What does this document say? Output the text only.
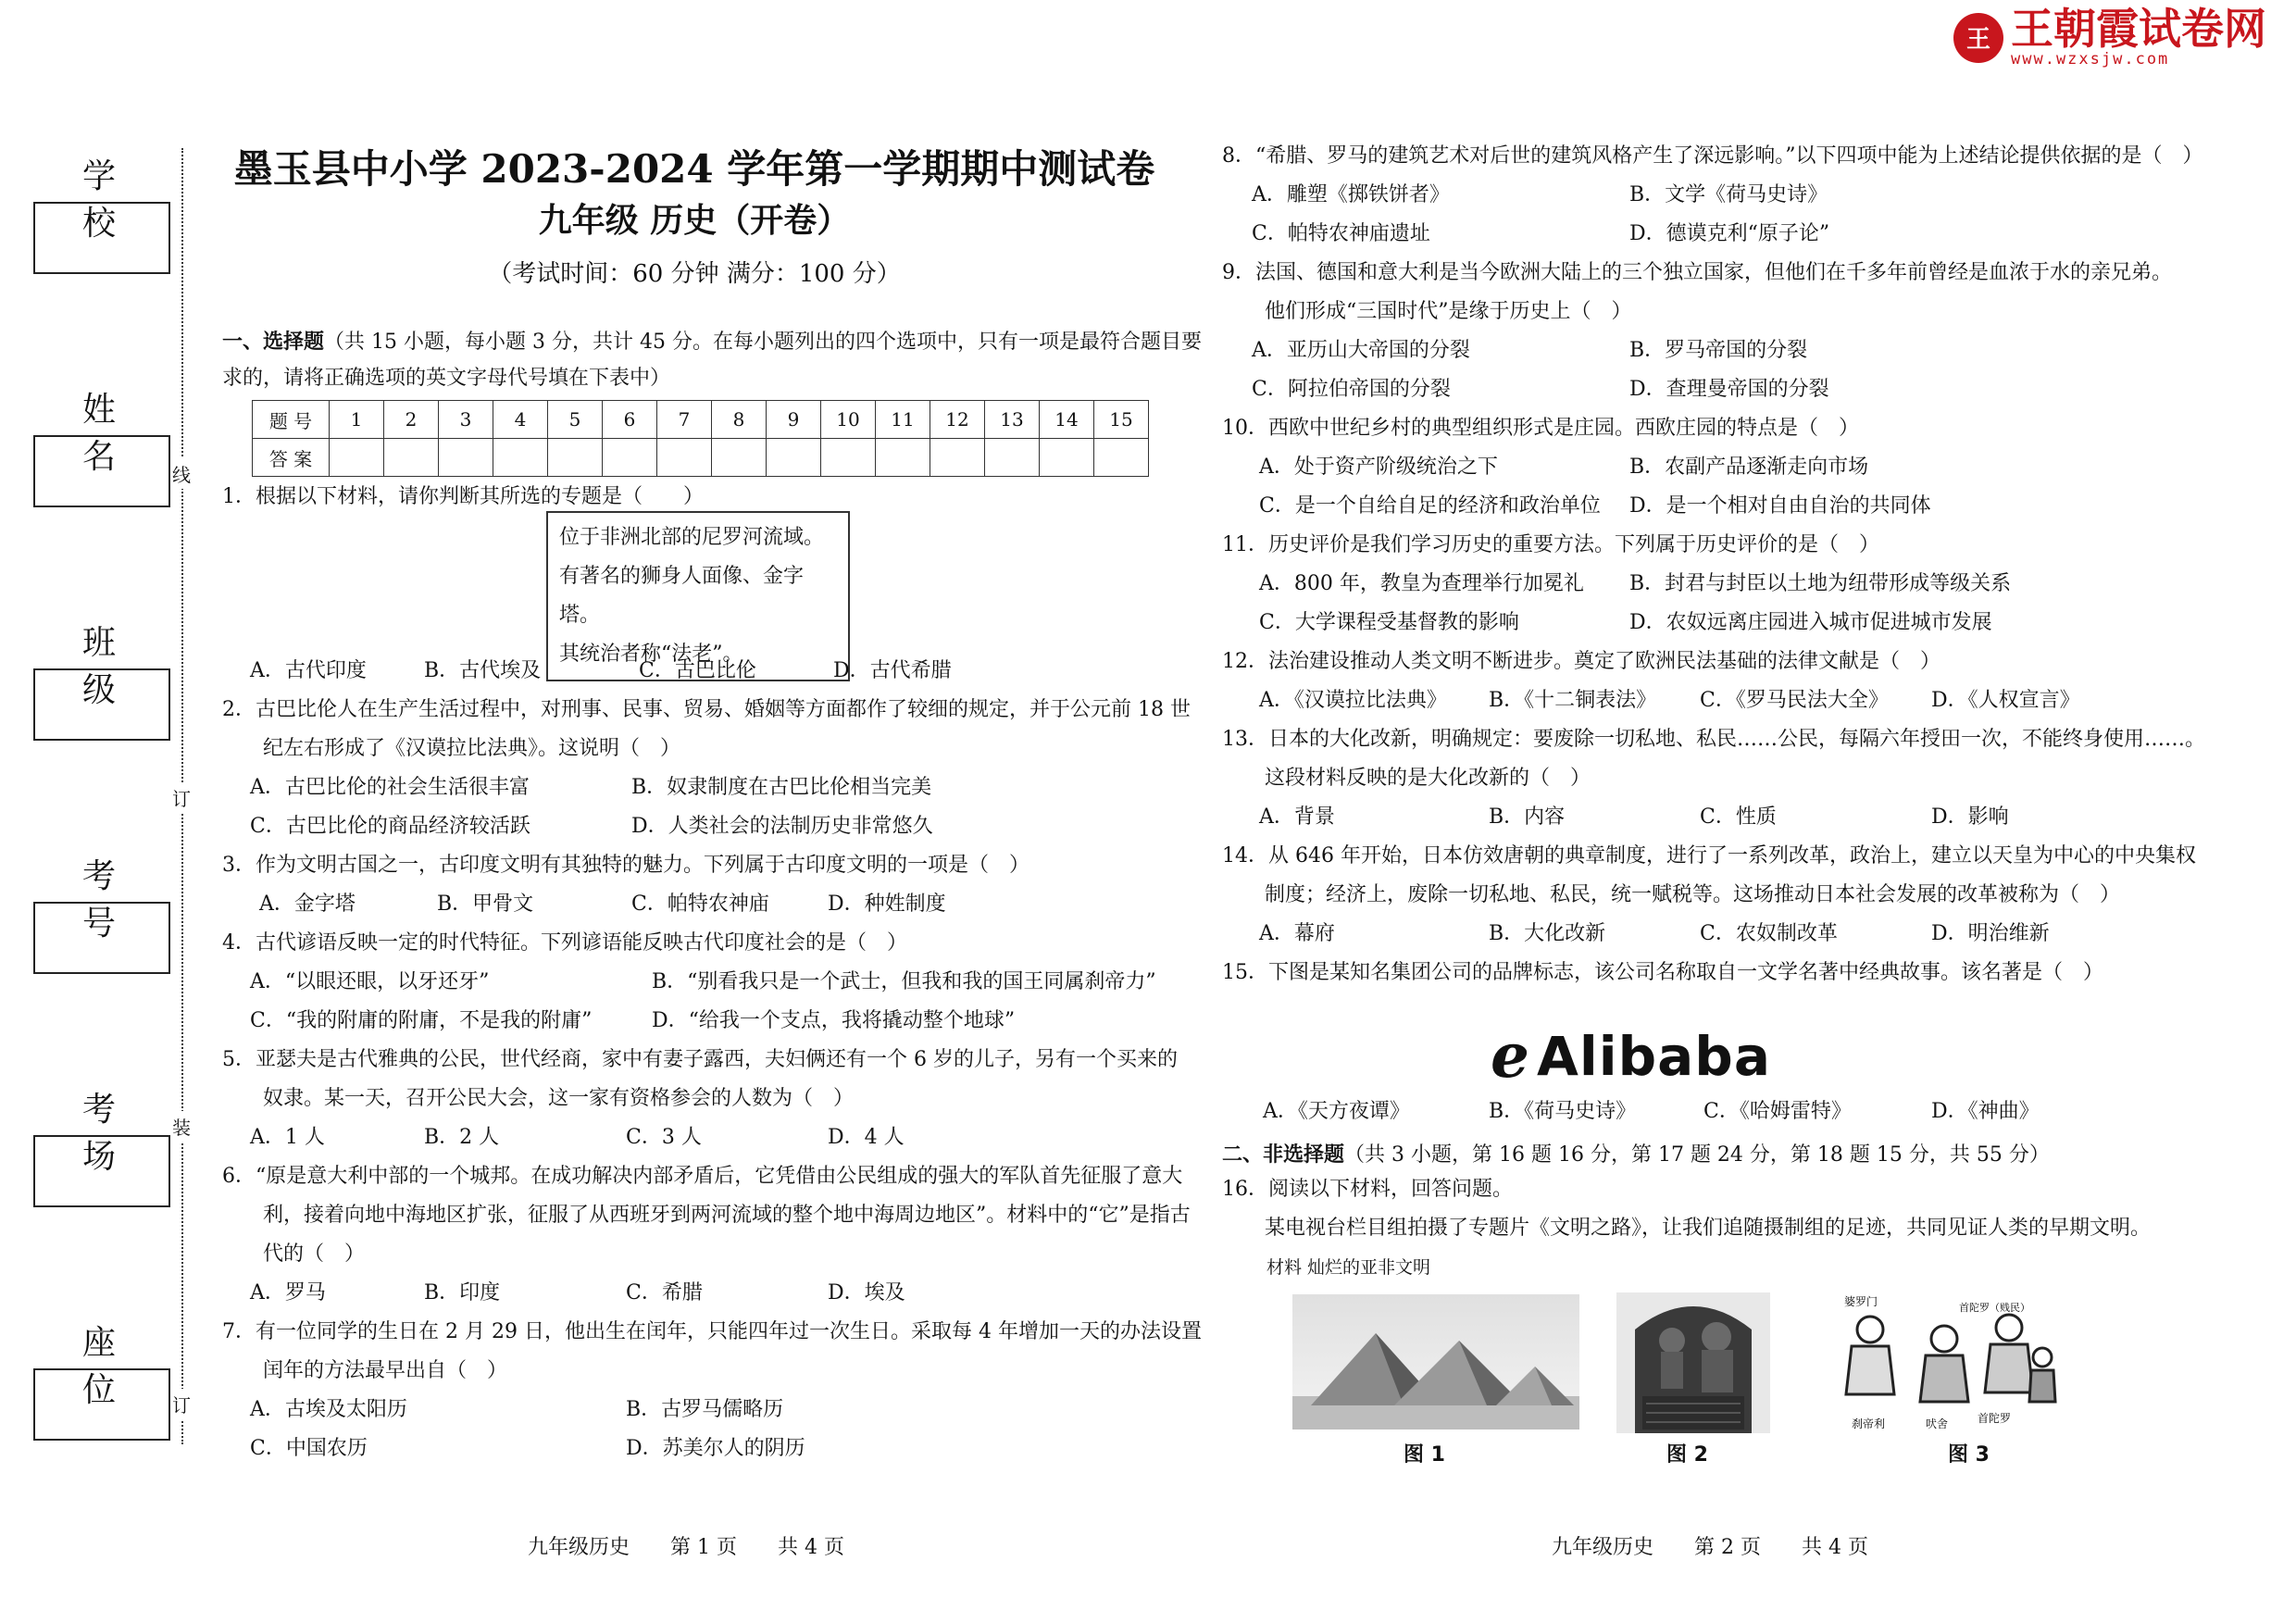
王 王朝霞试卷网
www.wzxsjw.com
学 校
姓 名
班 级
考 号
考 场
座 位
线
订
装
订
墨玉县中小学 2023-2024 学年第一学期期中测试卷
九年级 历史（开卷）
（考试时间：60 分钟 满分：100 分）
一、选择题（共 15 小题，每小题 3 分，共计 45 分。在每小题列出的四个选项中，只有一项是最符合题目要
求的，请将正确选项的英文字母代号填在下表中）
题 号	1	2	3	4	5	6	7	8	9	10	11	12	13	14	15
答 案															
1．根据以下材料，请你判断其所选的专题是（　　）
位于非洲北部的尼罗河流域。
有著名的狮身人面像、金字塔。
其统治者称“法老”。
A．古代印度	B．古代埃及	C．古巴比伦	D．古代希腊
2．古巴比伦人在生产生活过程中，对刑事、民事、贸易、婚姻等方面都作了较细的规定，并于公元前 18 世
纪左右形成了《汉谟拉比法典》。这说明（　）
A．古巴比伦的社会生活很丰富	B．奴隶制度在古巴比伦相当完美
C．古巴比伦的商品经济较活跃	D．人类社会的法制历史非常悠久
3．作为文明古国之一，古印度文明有其独特的魅力。下列属于古印度文明的一项是（　）
A．金字塔	B．甲骨文	C．帕特农神庙	D．种姓制度
4．古代谚语反映一定的时代特征。下列谚语能反映古代印度社会的是（　）
A．“以眼还眼，以牙还牙”	B．“别看我只是一个武士，但我和我的国王同属刹帝力”
C．“我的附庸的附庸，不是我的附庸”	D．“给我一个支点，我将撬动整个地球”
5．亚瑟夫是古代雅典的公民，世代经商，家中有妻子露西，夫妇俩还有一个 6 岁的儿子，另有一个买来的
奴隶。某一天，召开公民大会，这一家有资格参会的人数为（　）
A．1 人	B．2 人	C．3 人	D．4 人
6．“原是意大利中部的一个城邦。在成功解决内部矛盾后，它凭借由公民组成的强大的军队首先征服了意大
利，接着向地中海地区扩张，征服了从西班牙到两河流域的整个地中海周边地区”。材料中的“它”是指古
代的（　）
A．罗马	B．印度	C．希腊	D．埃及
7．有一位同学的生日在 2 月 29 日，他出生在闰年，只能四年过一次生日。采取每 4 年增加一天的办法设置
闰年的方法最早出自（　）
A．古埃及太阳历	B．古罗马儒略历
C．中国农历	D．苏美尔人的阴历
九年级历史　　第 1 页　　共 4 页
8．“希腊、罗马的建筑艺术对后世的建筑风格产生了深远影响。”以下四项中能为上述结论提供依据的是（　）
A．雕塑《掷铁饼者》	B．文学《荷马史诗》
C．帕特农神庙遗址	D．德谟克利“原子论”
9．法国、德国和意大利是当今欧洲大陆上的三个独立国家，但他们在千多年前曾经是血浓于水的亲兄弟。
他们形成“三国时代”是缘于历史上（　）
A．亚历山大帝国的分裂	B．罗马帝国的分裂
C．阿拉伯帝国的分裂	D．查理曼帝国的分裂
10．西欧中世纪乡村的典型组织形式是庄园。西欧庄园的特点是（　）
A．处于资产阶级统治之下	B．农副产品逐渐走向市场
C．是一个自给自足的经济和政治单位 D．是一个相对自由自治的共同体
11．历史评价是我们学习历史的重要方法。下列属于历史评价的是（　）
A．800 年，教皇为查理举行加冕礼 B．封君与封臣以土地为纽带形成等级关系
C．大学课程受基督教的影响	D．农奴远离庄园进入城市促进城市发展
12．法治建设推动人类文明不断进步。奠定了欧洲民法基础的法律文献是（　）
A．《汉谟拉比法典》 B．《十二铜表法》 C．《罗马民法大全》 D．《人权宣言》
13．日本的大化改新，明确规定：要废除一切私地、私民……公民，每隔六年授田一次，不能终身使用……。
这段材料反映的是大化改新的（　）
A．背景	B．内容	C．性质	D．影响
14．从 646 年开始，日本仿效唐朝的典章制度，进行了一系列改革，政治上，建立以天皇为中心的中央集权
制度；经济上，废除一切私地、私民，统一赋税等。这场推动日本社会发展的改革被称为（　）
A．幕府	B．大化改新	C．农奴制改革	D．明治维新
15．下图是某知名集团公司的品牌标志，该公司名称取自一文学名著中经典故事。该名著是（　）
ℯ Alibaba
A．《天方夜谭》	B．《荷马史诗》	C．《哈姆雷特》	D．《神曲》
二、非选择题（共 3 小题，第 16 题 16 分，第 17 题 24 分，第 18 题 15 分，共 55 分）
16．阅读以下材料，回答问题。
某电视台栏目组拍摄了专题片《文明之路》，让我们追随摄制组的足迹，共同见证人类的早期文明。
材料 灿烂的亚非文明
婆罗门	首陀罗（贱民）
刹帝利	吠舍	首陀罗
图 1	图 2	图 3
九年级历史　　第 2 页　　共 4 页
